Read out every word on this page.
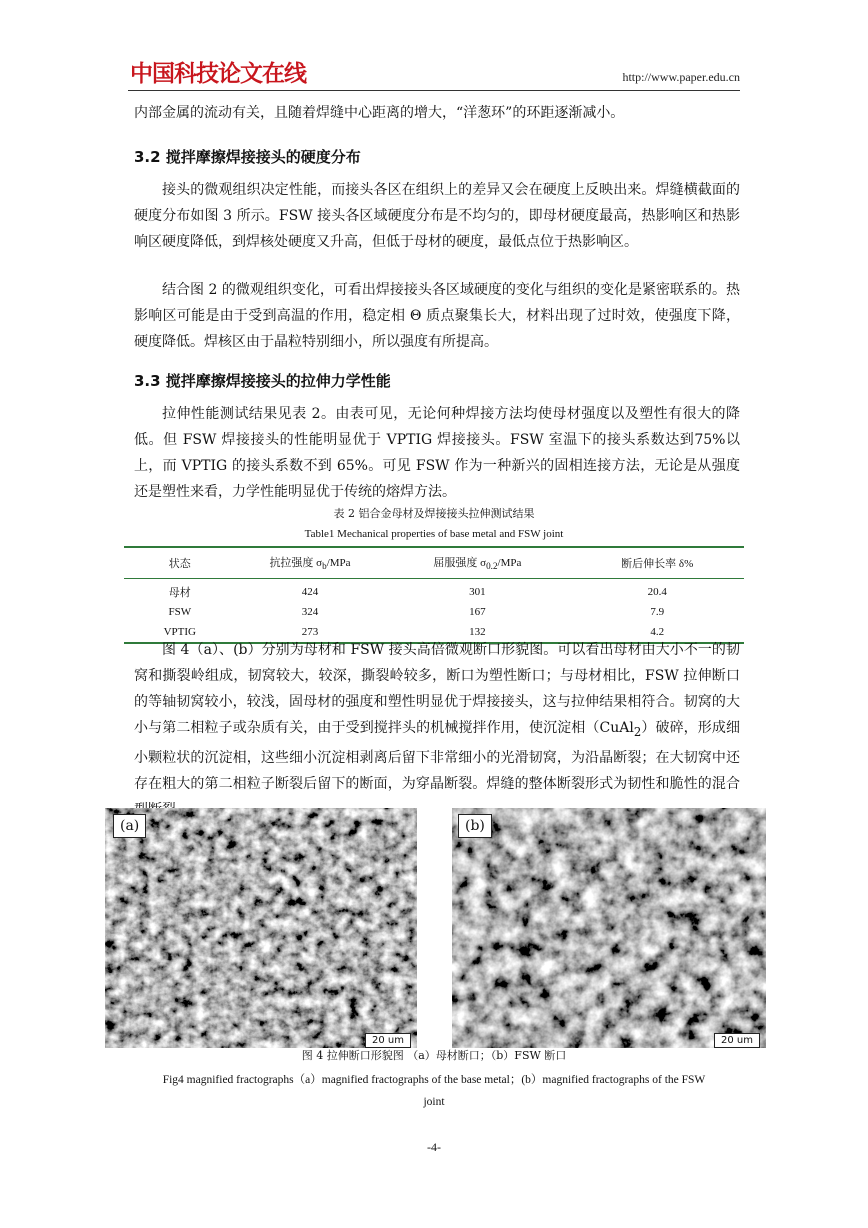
中国科技论文在线	http://www.paper.edu.cn
内部金属的流动有关，且随着焊缝中心距离的增大，“洋葱环”的环距逐渐减小。
3.2 搅拌摩擦焊接接头的硬度分布
接头的微观组织决定性能，而接头各区在组织上的差异又会在硬度上反映出来。焊缝横截面的硬度分布如图 3 所示。FSW 接头各区域硬度分布是不均匀的，即母材硬度最高，热影响区和热影响区硬度降低，到焊核处硬度又升高，但低于母材的硬度，最低点位于热影响区。
结合图 2 的微观组织变化，可看出焊接接头各区域硬度的变化与组织的变化是紧密联系的。热影响区可能是由于受到高温的作用，稳定相 Θ 质点聚集长大，材料出现了过时效，使强度下降，硬度降低。焊核区由于晶粒特别细小，所以强度有所提高。
3.3 搅拌摩擦焊接接头的拉伸力学性能
拉伸性能测试结果见表 2。由表可见，无论何种焊接方法均使母材强度以及塑性有很大的降低。但 FSW 焊接接头的性能明显优于 VPTIG 焊接接头。FSW 室温下的接头系数达到75%以上，而 VPTIG 的接头系数不到 65%。可见 FSW 作为一种新兴的固相连接方法，无论是从强度还是塑性来看，力学性能明显优于传统的熔焊方法。
表 2 铝合金母材及焊接接头拉伸测试结果
Table1 Mechanical properties of base metal and FSW joint
状态	抗拉强度 $\sigma_b$/MPa	屈服强度 $\sigma_{0.2}$/MPa	断后伸长率 δ%
母材	424	301	20.4
FSW	324	167	7.9
VPTIG	273	132	4.2
图 4（a）、(b）分别为母材和 FSW 接头高倍微观断口形貌图。可以看出母材由大小不一的韧窝和撕裂岭组成，韧窝较大，较深，撕裂岭较多，断口为塑性断口；与母材相比，FSW 拉伸断口的等轴韧窝较小，较浅，固母材的强度和塑性明显优于焊接接头，这与拉伸结果相符合。韧窝的大小与第二相粒子或杂质有关，由于受到搅拌头的机械搅拌作用，使沉淀相（CuAl$_2$）破碎，形成细小颗粒状的沉淀相，这些细小沉淀相剥离后留下非常细小的光滑韧窝，为沿晶断裂；在大韧窝中还存在粗大的第二相粒子断裂后留下的断面，为穿晶断裂。焊缝的整体断裂形式为韧性和脆性的混合
(a)
20 um
(b)
20 um
图 4 拉伸断口形貌图 （a）母材断口；（b）FSW 断口
Fig4 magnified fractographs（a）magnified fractographs of the base metal；(b）magnified fractographs of the FSW
joint
-4-
